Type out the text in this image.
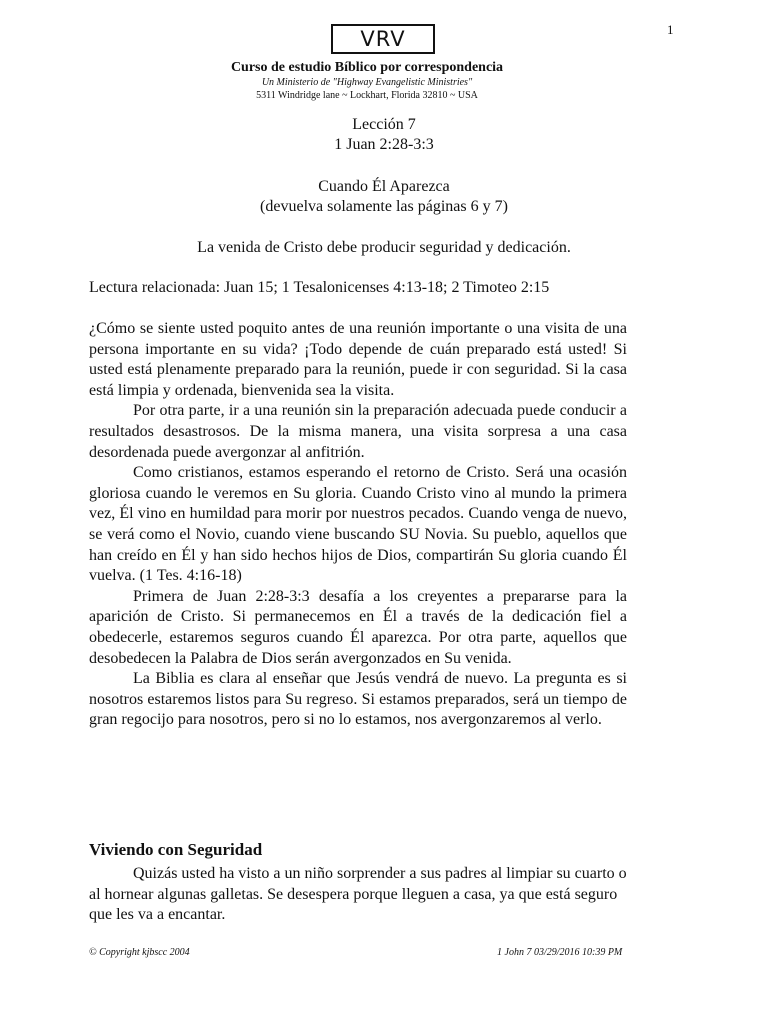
1
VRV
Curso de estudio Bíblico por correspondencia
Un Ministerio de "Highway Evangelistic Ministries"
5311 Windridge lane ~ Lockhart, Florida 32810 ~ USA
Lección 7
1 Juan 2:28-3:3
Cuando Él Aparezca
(devuelva solamente las páginas 6 y 7)
La venida de Cristo debe producir seguridad y dedicación.
Lectura relacionada: Juan 15; 1 Tesalonicenses 4:13-18; 2 Timoteo 2:15

¿Cómo se siente usted poquito antes de una reunión importante o una visita de una persona importante en su vida? ¡Todo depende de cuán preparado está usted! Si usted está plenamente preparado para la reunión, puede ir con seguridad. Si la casa está limpia y ordenada, bienvenida sea la visita.

Por otra parte, ir a una reunión sin la preparación adecuada puede conducir a resultados desastrosos. De la misma manera, una visita sorpresa a una casa desordenada puede avergonzar al anfitrión.

Como cristianos, estamos esperando el retorno de Cristo. Será una ocasión gloriosa cuando le veremos en Su gloria. Cuando Cristo vino al mundo la primera vez, Él vino en humildad para morir por nuestros pecados. Cuando venga de nuevo, se verá como el Novio, cuando viene buscando SU Novia. Su pueblo, aquellos que han creído en Él y han sido hechos hijos de Dios, compartirán Su gloria cuando Él vuelva. (1 Tes. 4:16-18)

Primera de Juan 2:28-3:3 desafía a los creyentes a prepararse para la aparición de Cristo. Si permanecemos en Él a través de la dedicación fiel a obedecerle, estaremos seguros cuando Él aparezca. Por otra parte, aquellos que desobedecen la Palabra de Dios serán avergonzados en Su venida.

La Biblia es clara al enseñar que Jesús vendrá de nuevo. La pregunta es si nosotros estaremos listos para Su regreso. Si estamos preparados, será un tiempo de gran regocijo para nosotros, pero si no lo estamos, nos avergonzaremos al verlo.

Viviendo con Seguridad

Quizás usted ha visto a un niño sorprender a sus padres al limpiar su cuarto o al hornear algunas galletas. Se desespera porque lleguen a casa, ya que está seguro que les va a encantar.

© Copyright kjbscc 2004	1 John 7 03/29/2016 10:39 PM
